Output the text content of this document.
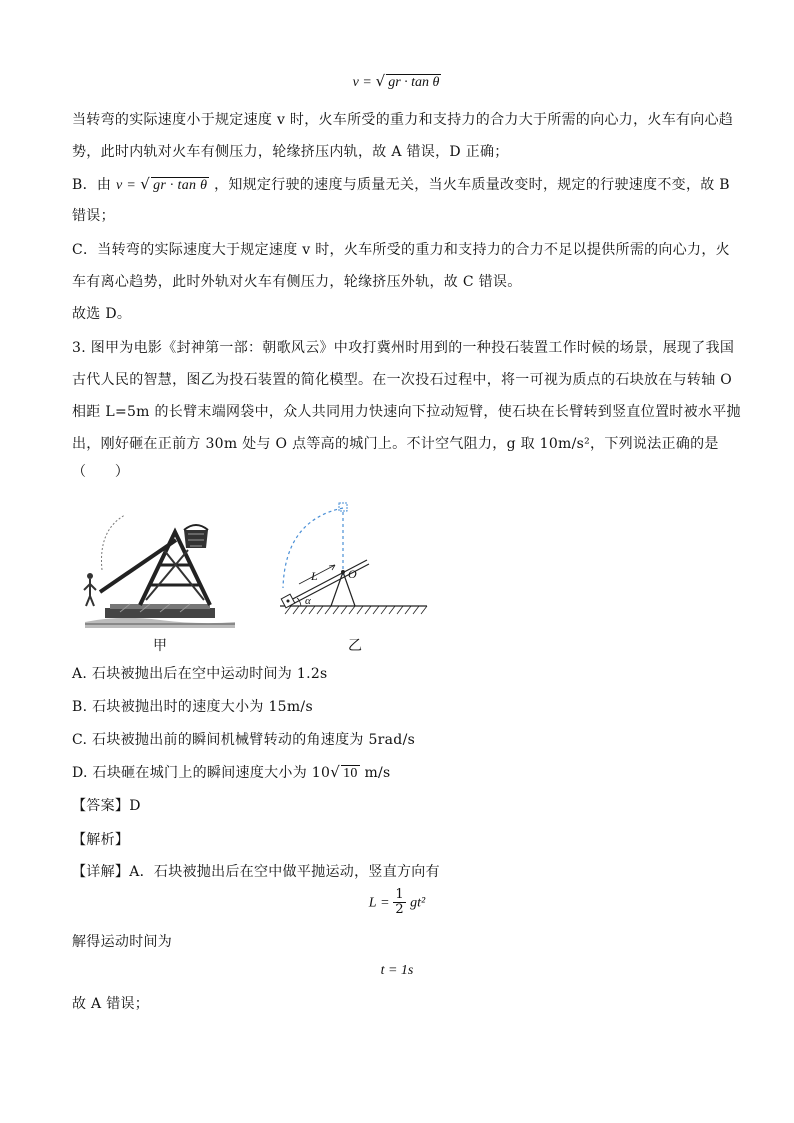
v = √ gr · tan θ
当转弯的实际速度小于规定速度 v 时，火车所受的重力和支持力的合力大于所需的向心力，火车有向心趋
势，此时内轨对火车有侧压力，轮缘挤压内轨，故 A 错误，D 正确；
B．由 v = √ gr · tan θ ，知规定行驶的速度与质量无关，当火车质量改变时，规定的行驶速度不变，故 B
错误；
C．当转弯的实际速度大于规定速度 v 时，火车所受的重力和支持力的合力不足以提供所需的向心力，火
车有离心趋势，此时外轨对火车有侧压力，轮缘挤压外轨，故 C 错误。
故选 D。
3. 图甲为电影《封神第一部：朝歌风云》中攻打冀州时用到的一种投石装置工作时候的场景，展现了我国
古代人民的智慧，图乙为投石装置的简化模型。在一次投石过程中，将一可视为质点的石块放在与转轴 O
相距 L=5m 的长臂末端网袋中，众人共同用力快速向下拉动短臂，使石块在长臂转到竖直位置时被水平抛
出，刚好砸在正前方 30m 处与 O 点等高的城门上。不计空气阻力，g 取 10m/s²，下列说法正确的是
（　　）
甲
L	O
α
乙
A. 石块被抛出后在空中运动时间为 1.2s
B. 石块被抛出时的速度大小为 15m/s
C. 石块被抛出前的瞬间机械臂转动的角速度为 5rad/s
D. 石块砸在城门上的瞬间速度大小为 10√ 10 m/s
【答案】D
【解析】
【详解】A．石块被抛出后在空中做平抛运动，竖直方向有
$L = \frac{1}{2} gt^2$
解得运动时间为
t = 1s
故 A 错误；
